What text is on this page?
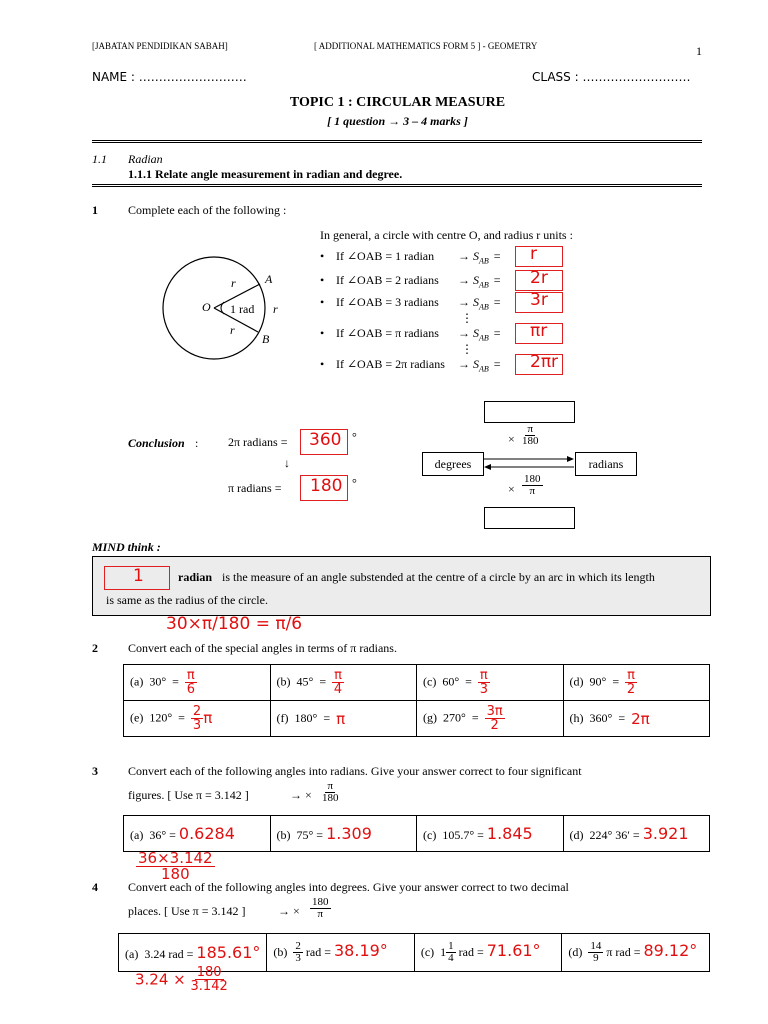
[JABATAN PENDIDIKAN SABAH]	[ ADDITIONAL MATHEMATICS FORM 5 ] - GEOMETRY	1
NAME : ………………………	CLASS : ………………………
TOPIC 1 : CIRCULAR MEASURE
[ 1 question → 3 – 4 marks ]
1.1 Radian
1.1.1 Relate angle measurement in radian and degree.
1	Complete each of the following :
In general, a circle with centre O, and radius r units :
O
A
B
r
r
r
1 rad
• If ∠OAB = 1 radian → $S_{AB} = r$
• If ∠OAB = 2 radians → $S_{AB} = 2r$
• If ∠OAB = 3 radians → $S_{AB} = 3r$
• If ∠OAB = π radians → $S_{AB} = \pi r$
• If ∠OAB = 2π radians → $S_{AB} = 2\pi r$
⋮
⋮
Conclusion : 2π radians = 360 °
↓
π radians = 180 °
degrees	radians
× $\frac{\pi}{180}$
× $\frac{180}{\pi}$
MIND think :
1	radian is the measure of an angle substended at the centre of a circle by an arc in which its length
is same as the radius of the circle.
30×π/180 = π/6
2	Convert each of the special angles in terms of π radians.
(a) $30^\circ = \frac{\pi}{6}$	(b) $45^\circ = \frac{\pi}{4}$	(c) $60^\circ = \frac{\pi}{3}$	(d) $90^\circ = \frac{\pi}{2}$

(e) $120^\circ = \frac{2}{3}$ π	(f) 180° = π	(g) $270^\circ = \frac{3\pi}{2}$	(h) 360° = 2π
3	Convert each of the following angles into radians. Give your answer correct to four significant
figures. [ Use π = 3.142 ]	→ × $\frac{\pi}{180}$
(a) 36° = 0.6284	(b) 75° = 1.309	(c) 105.7° = 1.845	(d) 224° 36′ = 3.921
$\frac{36\times 3.142}{180}$
4	Convert each of the following angles into degrees. Give your answer correct to two decimal
places. [ Use π = 3.142 ]	→ × $\frac{180}{\pi}$
(a) 3.24 rad = 185.61°	$(b) \frac{2}{3}$ rad = 38.19°	(c) $1 \frac{1}{4}$ rad = 71.61°	$(d) \frac{14}{9}$ π rad = 89.12°
$3.24 \times \frac{180}{3.142}$
